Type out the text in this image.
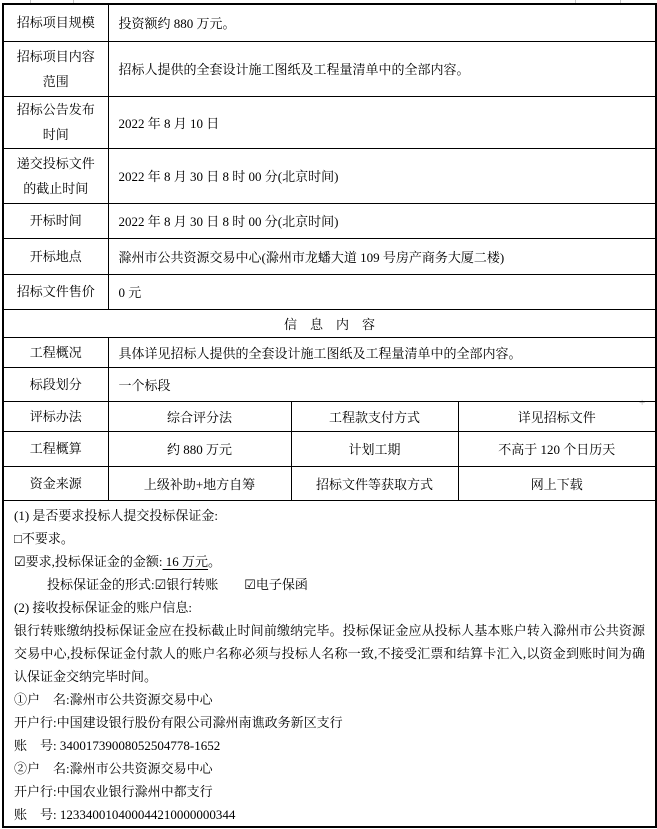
+
招标项目规模	投资额约 880 万元。		
招标项目内容范围	招标人提供的全套设计施工图纸及工程量清单中的全部内容。		
招标公告发布时间	2022 年 8 月 10 日		
递交投标文件的截止时间	2022 年 8 月 30 日 8 时 00 分(北京时间)		
开标时间	2022 年 8 月 30 日 8 时 00 分(北京时间)		
开标地点	滁州市公共资源交易中心(滁州市龙蟠大道 109 号房产商务大厦二楼)		
招标文件售价	0 元		
信息内容			
工程概况	具体详见招标人提供的全套设计施工图纸及工程量清单中的全部内容。		
标段划分	一个标段		
评标办法	综合评分法	工程款支付方式	详见招标文件
工程概算	约 880 万元	计划工期	不高于 120 个日历天
资金来源	上级补助+地方自筹	招标文件等获取方式	网上下载

(1) 是否要求投标人提交投标保证金:
□不要求。
☑要求,投标保证金的金额: 16 万元。
投标保证金的形式:☑银行转账　　☑电子保函
(2) 接收投标保证金的账户信息:
银行转账缴纳投标保证金应在投标截止时间前缴纳完毕。投标保证金应从投标人基本账户转入滁州市公共资源交易中心,投标保证金付款人的账户名称必须与投标人名称一致,不接受汇票和结算卡汇入,以资金到账时间为确认保证金交纳完毕时间。
①户　名:滁州市公共资源交易中心
开户行:中国建设银行股份有限公司滁州南谯政务新区支行
账　号: 34001739008052504778-1652
②户　名:滁州市公共资源交易中心
开户行:中国农业银行滁州中都支行
账　号: 123340010400044210000000344
